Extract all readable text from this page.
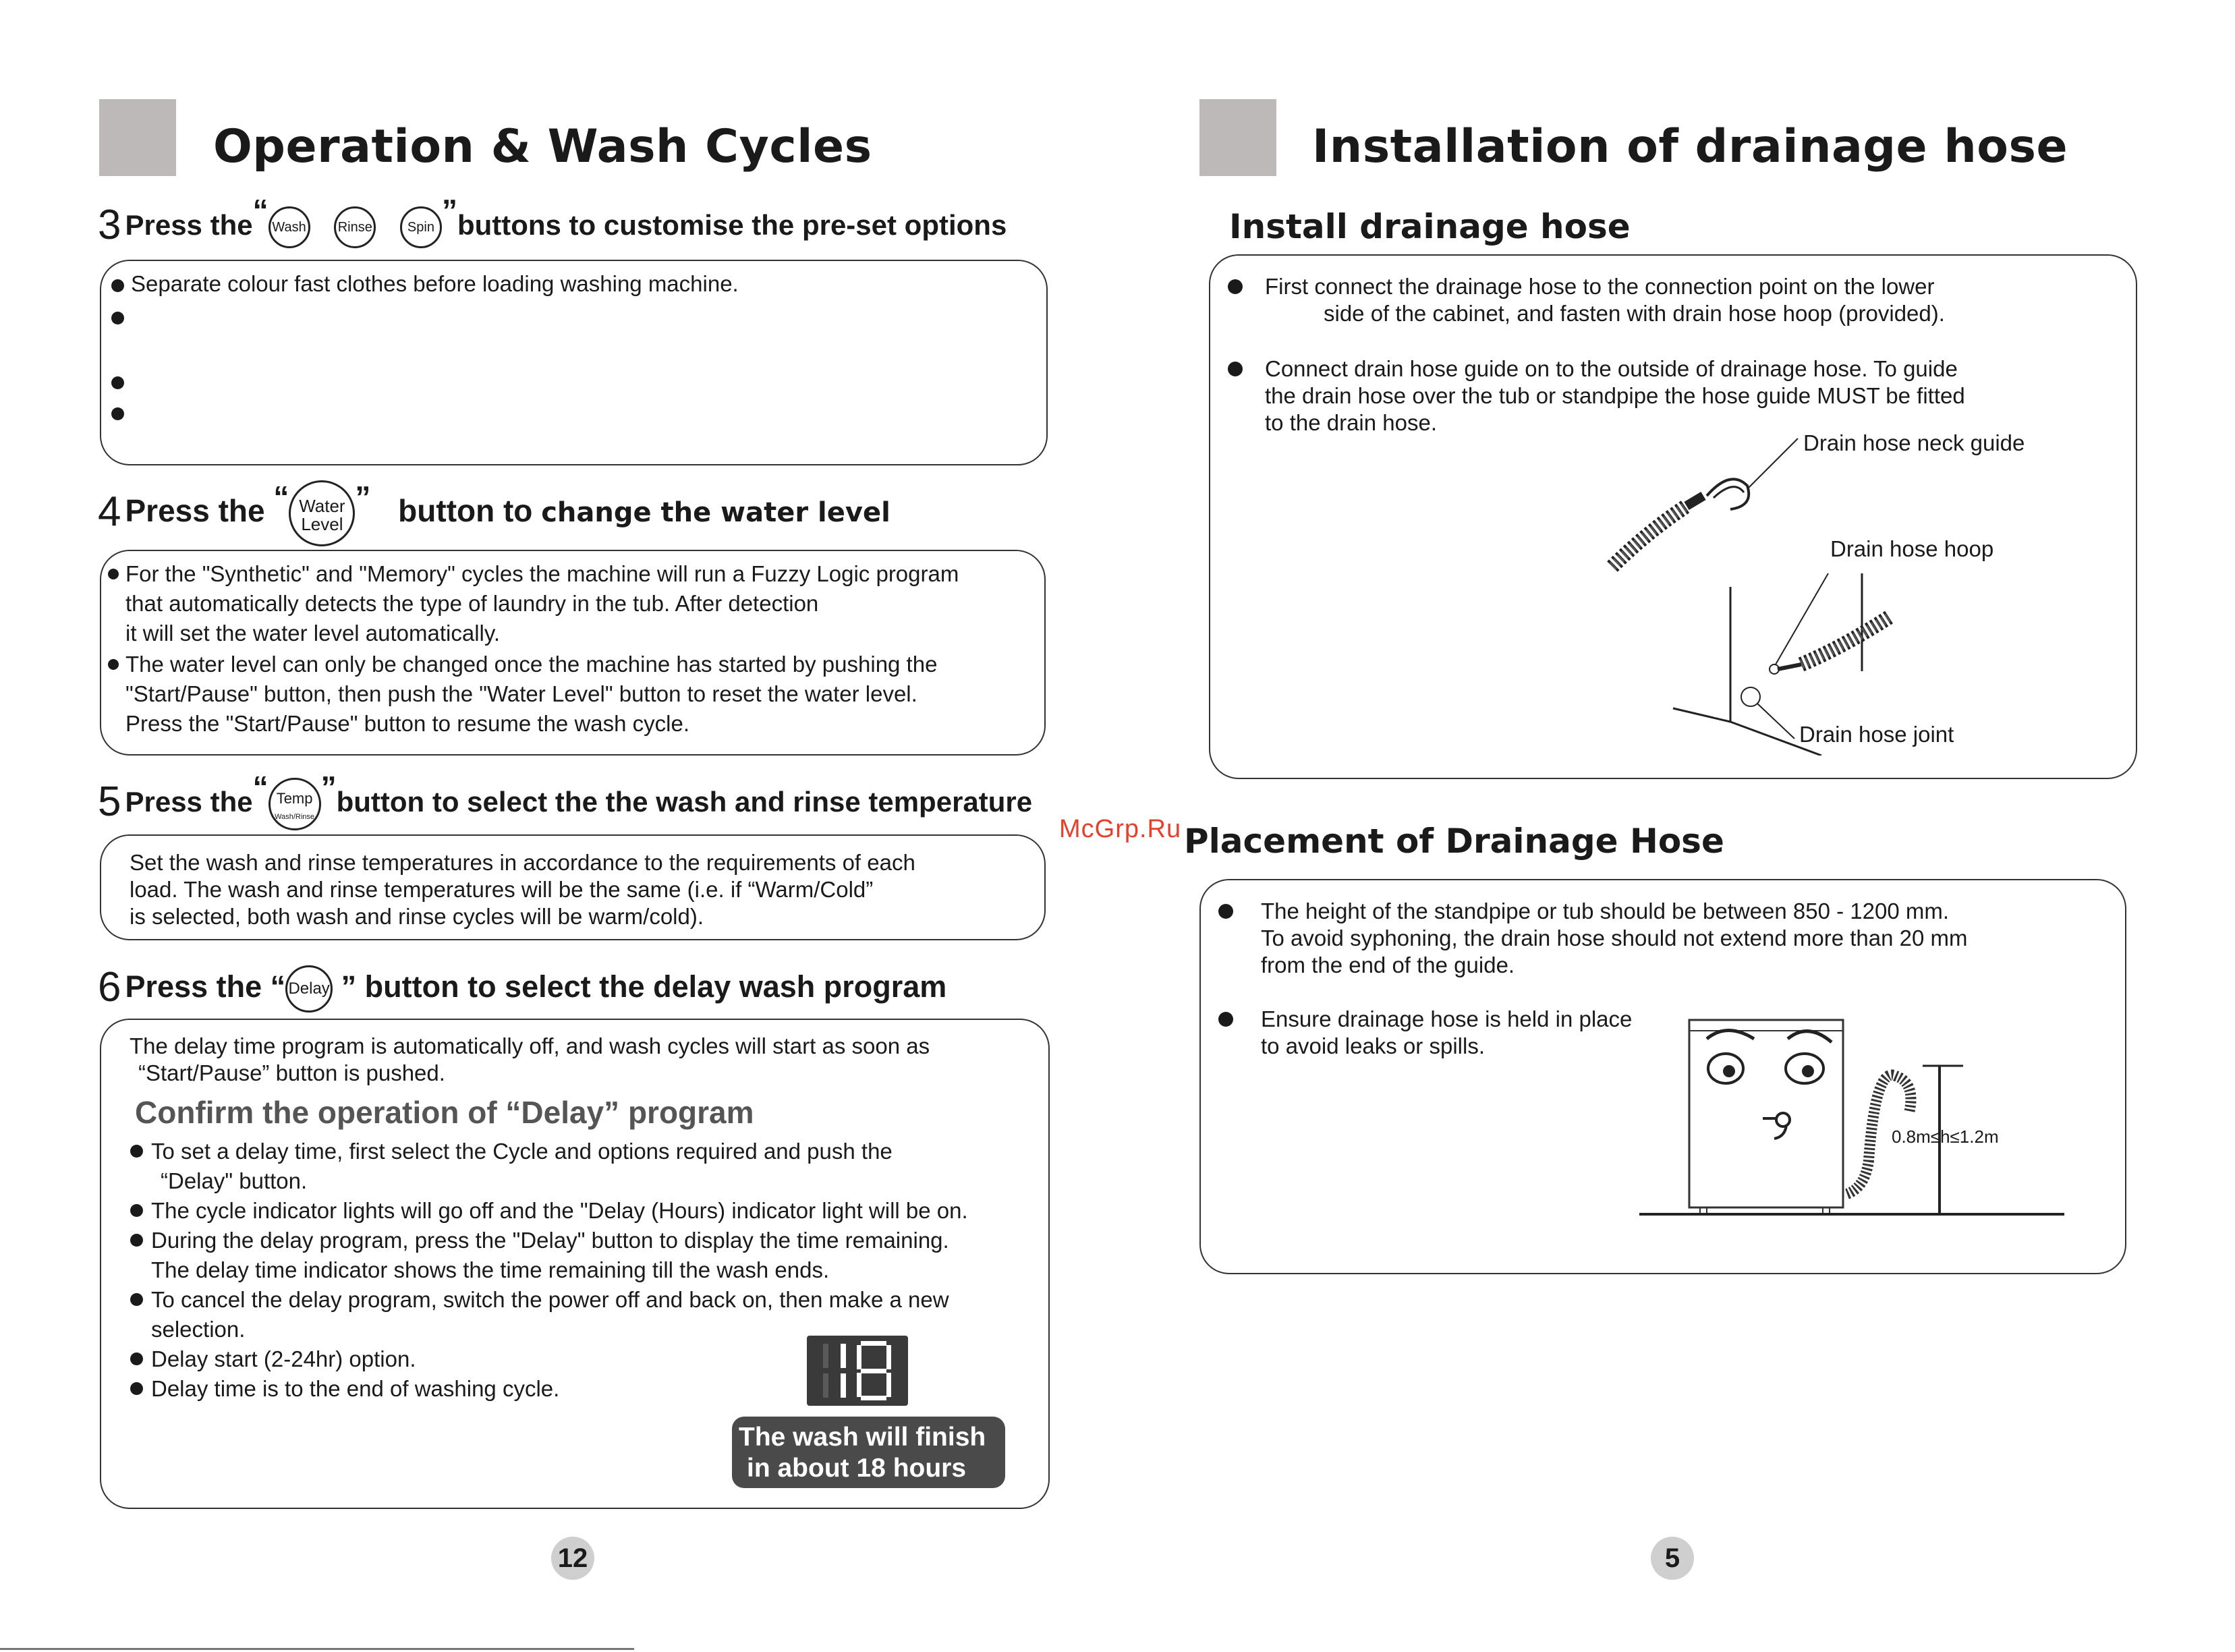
Operation & Wash Cycles
3 Press the“ Wash Rinse	Spin ”buttons to customise the pre-set options
Separate colour fast clothes before loading washing machine.
4 Press the “ Water
Level” button to change the water level
For the "Synthetic" and "Memory" cycles the machine will run a Fuzzy Logic program
that automatically detects the type of laundry in the tub. After detection
it will set the water level automatically.
The water level can only be changed once the machine has started by pushing the
"Start/Pause" button, then push the "Water Level" button to reset the water level.
Press the "Start/Pause" button to resume the wash cycle.
5 Press the“ Temp
Wash/Rinse”button to select the the wash and rinse temperature
Set the wash and rinse temperatures in accordance to the requirements of each
load. The wash and rinse temperatures will be the same (i.e. if “Warm/Cold”
is selected, both wash and rinse cycles will be warm/cold).
6 Press the “ Delay ” button to select the delay wash program
The delay time program is automatically off, and wash cycles will start as soon as
“Start/Pause” button is pushed.
Confirm the operation of “Delay” program
To set a delay time, first select the Cycle and options required and push the
“Delay" button.
The cycle indicator lights will go off and the "Delay (Hours) indicator light will be on.
During the delay program, press the "Delay" button to display the time remaining.
The delay time indicator shows the time remaining till the wash ends.
To cancel the delay program, switch the power off and back on, then make a new
selection.
Delay start (2-24hr) option.
Delay time is to the end of washing cycle.
18
The wash will finish
in about 18 hours
12
McGrp.Ru
Installation of drainage hose
Install drainage hose
First connect the drainage hose to the connection point on the lower
side of the cabinet, and fasten with drain hose hoop (provided).
Connect drain hose guide on to the outside of drainage hose. To guide
the drain hose over the tub or standpipe the hose guide MUST be fitted
to the drain hose.
Drain hose neck guide
Drain hose hoop
Drain hose joint
Placement of Drainage Hose
The height of the standpipe or tub should be between 850 - 1200 mm.
To avoid syphoning, the drain hose should not extend more than 20 mm
from the end of the guide.
Ensure drainage hose is held in place
to avoid leaks or spills.
0.8m≤h≤1.2m
5
